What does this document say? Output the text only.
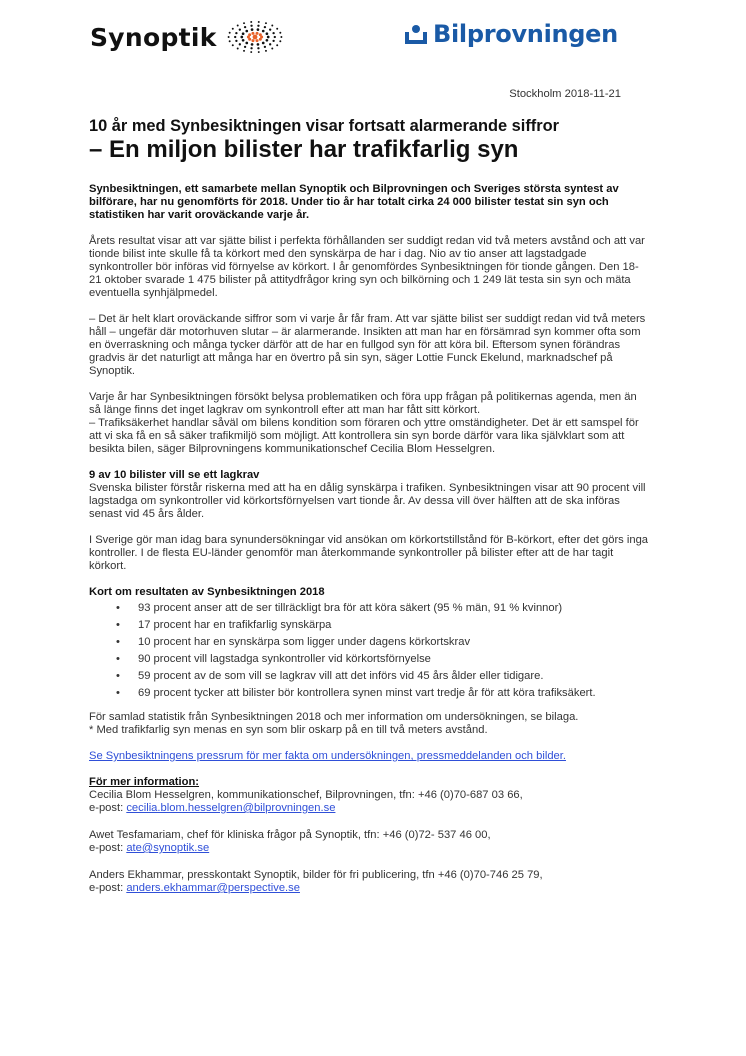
Synoptik	Bilprovningen
Stockholm 2018-11-21
10 år med Synbesiktningen visar fortsatt alarmerande siffror
– En miljon bilister har trafikfarlig syn

Synbesiktningen, ett samarbete mellan Synoptik och Bilprovningen och Sveriges största syntest av bilförare, har nu genomförts för 2018. Under tio år har totalt cirka 24 000 bilister testat sin syn och statistiken har varit oroväckande varje år.

Årets resultat visar att var sjätte bilist i perfekta förhållanden ser suddigt redan vid två meters avstånd och att var tionde bilist inte skulle få ta körkort med den synskärpa de har i dag. Nio av tio anser att lagstadgade synkontroller bör införas vid förnyelse av körkort. I år genomfördes Synbesiktningen för tionde gången. Den 18-21 oktober svarade 1 475 bilister på attitydfrågor kring syn och bilkörning och 1 249 lät testa sin syn och mäta eventuella synhjälpmedel.

– Det är helt klart oroväckande siffror som vi varje år får fram. Att var sjätte bilist ser suddigt redan vid två meters håll – ungefär där motorhuven slutar – är alarmerande. Insikten att man har en försämrad syn kommer ofta som en överraskning och många tycker därför att de har en fullgod syn för att köra bil. Eftersom synen förändras gradvis är det naturligt att många har en övertro på sin syn, säger Lottie Funck Ekelund, marknadschef på Synoptik.

Varje år har Synbesiktningen försökt belysa problematiken och föra upp frågan på politikernas agenda, men än så länge finns det inget lagkrav om synkontroll efter att man har fått sitt körkort.
– Trafiksäkerhet handlar såväl om bilens kondition som föraren och yttre omständigheter. Det är ett samspel för att vi ska få en så säker trafikmiljö som möjligt. Att kontrollera sin syn borde därför vara lika självklart som att besikta bilen, säger Bilprovningens kommunikationschef Cecilia Blom Hesselgren.

9 av 10 bilister vill se ett lagkrav

Svenska bilister förstår riskerna med att ha en dålig synskärpa i trafiken. Synbesiktningen visar att 90 procent vill lagstadga om synkontroller vid körkortsförnyelsen vart tionde år. Av dessa vill över hälften att de ska införas senast vid 45 års ålder.

I Sverige gör man idag bara synundersökningar vid ansökan om körkortstillstånd för B-körkort, efter det görs inga kontroller. I de flesta EU-länder genomför man återkommande synkontroller på bilister efter att de har tagit körkort.

Kort om resultaten av Synbesiktningen 2018
• 93 procent anser att de ser tillräckligt bra för att köra säkert (95 % män, 91 % kvinnor)
• 17 procent har en trafikfarlig synskärpa
• 10 procent har en synskärpa som ligger under dagens körkortskrav
• 90 procent vill lagstadga synkontroller vid körkortsförnyelse
• 59 procent av de som vill se lagkrav vill att det införs vid 45 års ålder eller tidigare.
• 69 procent tycker att bilister bör kontrollera synen minst vart tredje år för att köra trafiksäkert.

För samlad statistik från Synbesiktningen 2018 och mer information om undersökningen, se bilaga.
* Med trafikfarlig syn menas en syn som blir oskarp på en till två meters avstånd.

Se Synbesiktningens pressrum för mer fakta om undersökningen, pressmeddelanden och bilder.

För mer information:
Cecilia Blom Hesselgren, kommunikationschef, Bilprovningen, tfn: +46 (0)70-687 03 66,
e-post: cecilia.blom.hesselgren@bilprovningen.se
Awet Tesfamariam, chef för kliniska frågor på Synoptik, tfn: +46 (0)72- 537 46 00,
e-post: ate@synoptik.se
Anders Ekhammar, presskontakt Synoptik, bilder för fri publicering, tfn +46 (0)70-746 25 79,
e-post: anders.ekhammar@perspective.se
